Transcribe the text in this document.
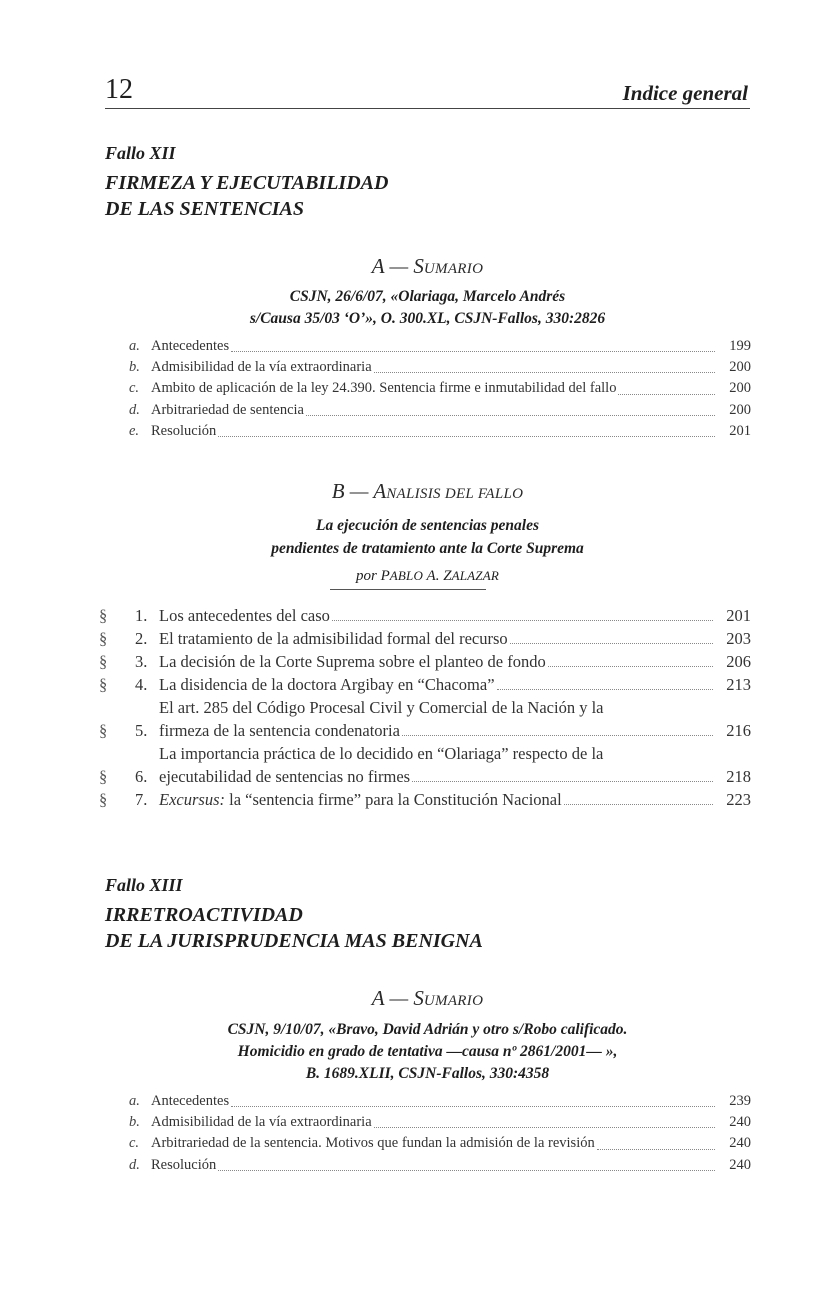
12	Indice general
Fallo XII
FIRMEZA Y EJECUTABILIDAD
DE LAS SENTENCIAS
A — SUMARIO
CSJN, 26/6/07, «Olariaga, Marcelo Andrés
s/Causa 35/03 ‘O’», O. 300.XL, CSJN-Fallos, 330:2826
a. Antecedentes	199
b. Admisibilidad de la vía extraordinaria	200
c. Ambito de aplicación de la ley 24.390. Sentencia firme e inmutabilidad del fallo	200
d. Arbitrariedad de sentencia	200
e. Resolución	201
B — ANALISIS DEL FALLO
La ejecución de sentencias penales
pendientes de tratamiento ante la Corte Suprema
por PABLO A. ZALAZAR
§	1. Los antecedentes del caso	201
§	2. El tratamiento de la admisibilidad formal del recurso	203
§	3. La decisión de la Corte Suprema sobre el planteo de fondo	206
§	4. La disidencia de la doctora Argibay en “Chacoma”	213
§	5.
El art. 285 del Código Procesal Civil y Comercial de la Nación y la
firmeza de la sentencia condenatoria	216
§	6.
La importancia práctica de lo decidido en “Olariaga” respecto de la
ejecutabilidad de sentencias no firmes	218
§	7. Excursus: la “sentencia firme” para la Constitución Nacional	223
Fallo XIII
IRRETROACTIVIDAD
DE LA JURISPRUDENCIA MAS BENIGNA
A — SUMARIO
CSJN, 9/10/07, «Bravo, David Adrián y otro s/Robo calificado.
Homicidio en grado de tentativa —causa nº 2861/2001— »,
B. 1689.XLII, CSJN-Fallos, 330:4358
a. Antecedentes	239
b. Admisibilidad de la vía extraordinaria	240
c. Arbitrariedad de la sentencia. Motivos que fundan la admisión de la revisión	240
d. Resolución	240
